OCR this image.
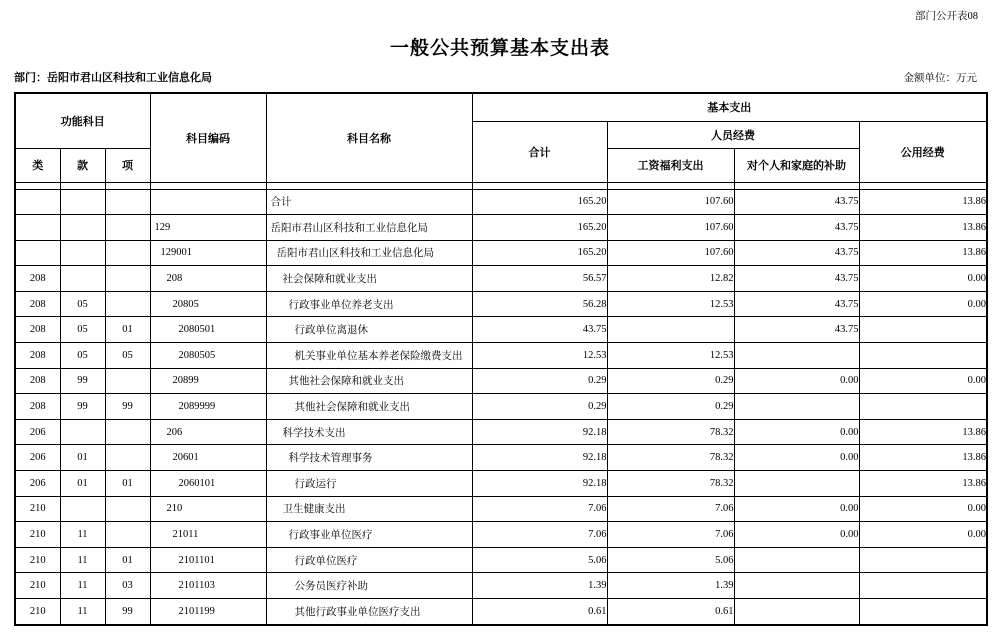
部门公开表08
一般公共预算基本支出表
部门：岳阳市君山区科技和工业信息化局	金额单位：万元
功能科目			科目编码	科目名称	基本支出			
					合计	人员经费		公用经费
类	款	项				工资福利支出	对个人和家庭的补助	

				合计	165.20	107.60	43.75	13.86
			129	岳阳市君山区科技和工业信息化局	165.20	107.60	43.75	13.86
			129001	岳阳市君山区科技和工业信息化局	165.20	107.60	43.75	13.86
208			208	社会保障和就业支出	56.57	12.82	43.75	0.00
208	05		20805	行政事业单位养老支出	56.28	12.53	43.75	0.00
208	05	01	2080501	行政单位离退休	43.75		43.75	
208	05	05	2080505	机关事业单位基本养老保险缴费支出	12.53	12.53		
208	99		20899	其他社会保障和就业支出	0.29	0.29	0.00	0.00
208	99	99	2089999	其他社会保障和就业支出	0.29	0.29		
206			206	科学技术支出	92.18	78.32	0.00	13.86
206	01		20601	科学技术管理事务	92.18	78.32	0.00	13.86
206	01	01	2060101	行政运行	92.18	78.32		13.86
210			210	卫生健康支出	7.06	7.06	0.00	0.00
210	11		21011	行政事业单位医疗	7.06	7.06	0.00	0.00
210	11	01	2101101	行政单位医疗	5.06	5.06		
210	11	03	2101103	公务员医疗补助	1.39	1.39		
210	11	99	2101199	其他行政事业单位医疗支出	0.61	0.61		
